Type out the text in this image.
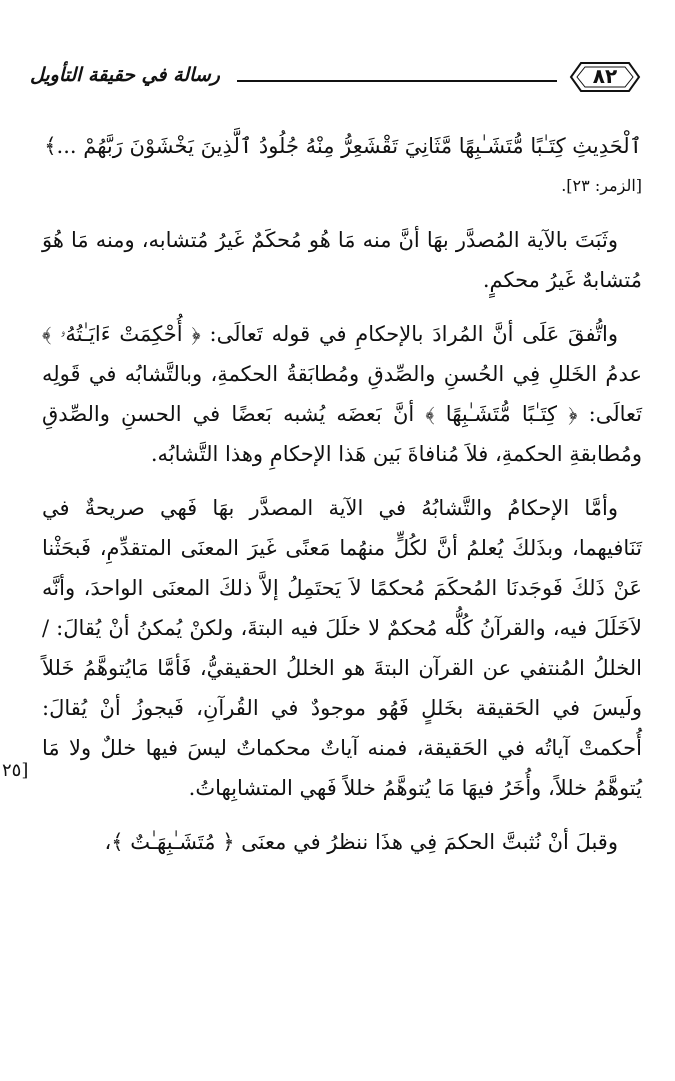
رسالة في حقيقة التأويل	٨٢

ٱلْحَدِيثِ كِتَـٰبًا مُّتَشَـٰبِهًا مَّثَانِيَ تَقْشَعِرُّ مِنْهُ جُلُودُ ٱلَّذِينَ يَخْشَوْنَ رَبَّهُمْ ...﴾

[الزمر: ٢٣].

وثَبَتَ بالآية المُصدَّر بهَا أنَّ منه مَا هُو مُحكَمٌ غَيرُ مُتشابه، ومنه مَا هُوَ مُتشابهٌ غَيرُ محكمٍ.

واتُّفقَ عَلَى أنَّ المُرادَ بالإحكامِ في قوله تَعالَى: ﴿ أُحْكِمَتْ ءَايَـٰتُهُۥ ﴾ عدمُ الخَللِ فِي الحُسنِ والصِّدقِ ومُطابَقةُ الحكمةِ، وبالتَّشابُه في قَولِه تَعالَى: ﴿ كِتَـٰبًا مُّتَشَـٰبِهًا ﴾ أنَّ بَعضَه يُشبه بَعضًا في الحسنِ والصِّدقِ ومُطابقةِ الحكمةِ، فلاَ مُنافاةَ بَين هَذا الإحكامِ وهذا التَّشابُه.

وأمَّا الإحكامُ والتَّشابُهُ في الآية المصدَّر بهَا فَهي صريحةٌ في تَنَافيهما، وبذَلكَ يُعلمُ أنَّ لكُلٍّ منهُما مَعنًى غَيرَ المعنَى المتقدِّمِ، فَبحَثْنا عَنْ ذَلكَ فَوجَدنَا المُحكَمَ مُحكمًا لاَ يَحتَمِلُ إلاَّ ذلكَ المعنَى الواحدَ، وأنَّه لاَخَلَلَ فيه، والقرآنُ كُلُّه مُحكمٌ لا خلَلَ فيه البتةَ، ولكنْ يُمكنُ أنْ يُقالَ: / الخللُ المُنتفي عن القرآن البتةَ هو الخللُ الحقيقيُّ، فَأمَّا مَايُتوهَّمُ خَللاً ولَيسَ في الحَقيقة بخَللٍ فَهُو موجودٌ في القُرآنِ، فَيجوزُ أنْ يُقالَ: أُحكمتْ آياتُه في الحَقيقة، فمنه آياتٌ محكماتٌ ليسَ فيها خللٌ ولا مَا يُتوهَّمُ خللاً، وأُخَرُ فيهَا مَا يُتوهَّمُ خللاً فَهي المتشابِهاتُ.

وقبلَ أنْ نُثبتَّ الحكمَ فِي هذَا ننظرُ في معنَى ﴿ مُتَشَـٰبِهَـٰتٌ ﴾،

[٢٥
